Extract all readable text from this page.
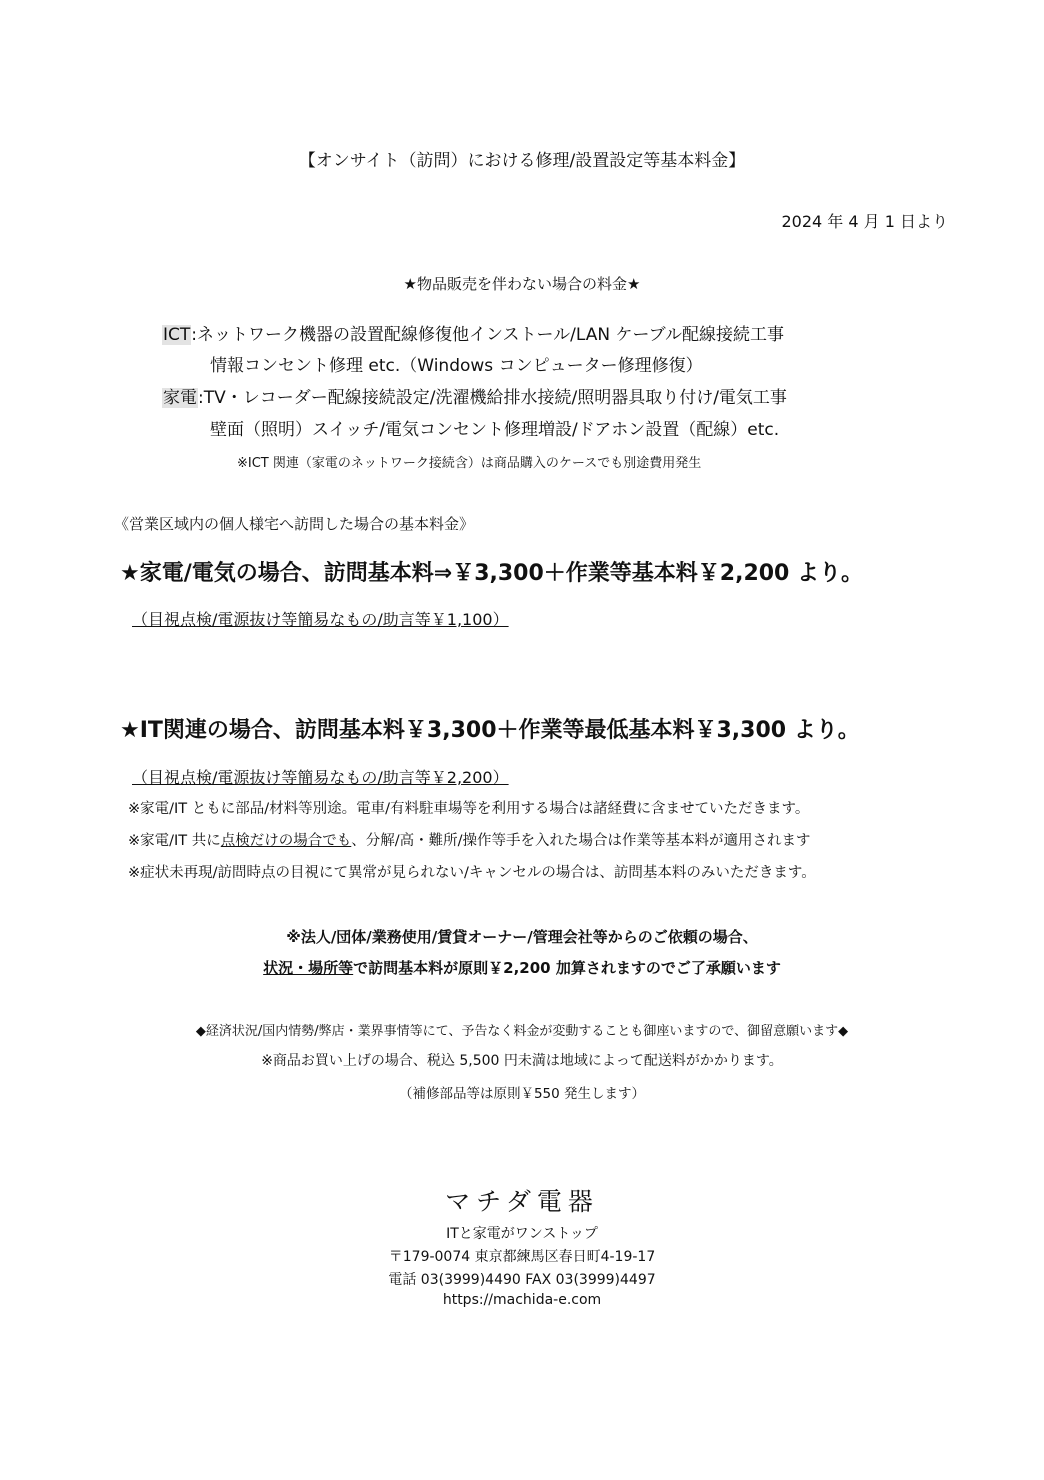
【オンサイト（訪問）における修理/設置設定等基本料金】
2024 年 4 月 1 日より
★物品販売を伴わない場合の料金★
ICT:ネットワーク機器の設置配線修復他インストール/LAN ケーブル配線接続工事
情報コンセント修理 etc.（Windows コンピューター修理修復）
家電:TV・レコーダー配線接続設定/洗濯機給排水接続/照明器具取り付け/電気工事
壁面（照明）スイッチ/電気コンセント修理増設/ドアホン設置（配線）etc.
※ICT 関連（家電のネットワーク接続含）は商品購入のケースでも別途費用発生
《営業区域内の個人様宅へ訪問した場合の基本料金》
★家電/電気の場合、訪問基本料⇒￥3,300＋作業等基本料￥2,200 より。
（目視点検/電源抜け等簡易なもの/助言等￥1,100）
★IT関連の場合、訪問基本料￥3,300＋作業等最低基本料￥3,300 より。
（目視点検/電源抜け等簡易なもの/助言等￥2,200）
※家電/IT ともに部品/材料等別途。電車/有料駐車場等を利用する場合は諸経費に含ませていただきます。
※家電/IT 共に点検だけの場合でも、分解/高・難所/操作等手を入れた場合は作業等基本料が適用されます
※症状未再現/訪問時点の目視にて異常が見られない/キャンセルの場合は、訪問基本料のみいただきます。
※法人/団体/業務使用/賃貸オーナー/管理会社等からのご依頼の場合、
状況・場所等で訪問基本料が原則￥2,200 加算されますのでご了承願います
◆経済状況/国内情勢/弊店・業界事情等にて、予告なく料金が変動することも御座いますので、御留意願います◆
※商品お買い上げの場合、税込 5,500 円未満は地域によって配送料がかかります。
（補修部品等は原則￥550 発生します）
マチダ電器
ITと家電がワンストップ
〒179-0074 東京都練馬区春日町4-19-17
電話 03(3999)4490 FAX 03(3999)4497
https://machida-e.com
